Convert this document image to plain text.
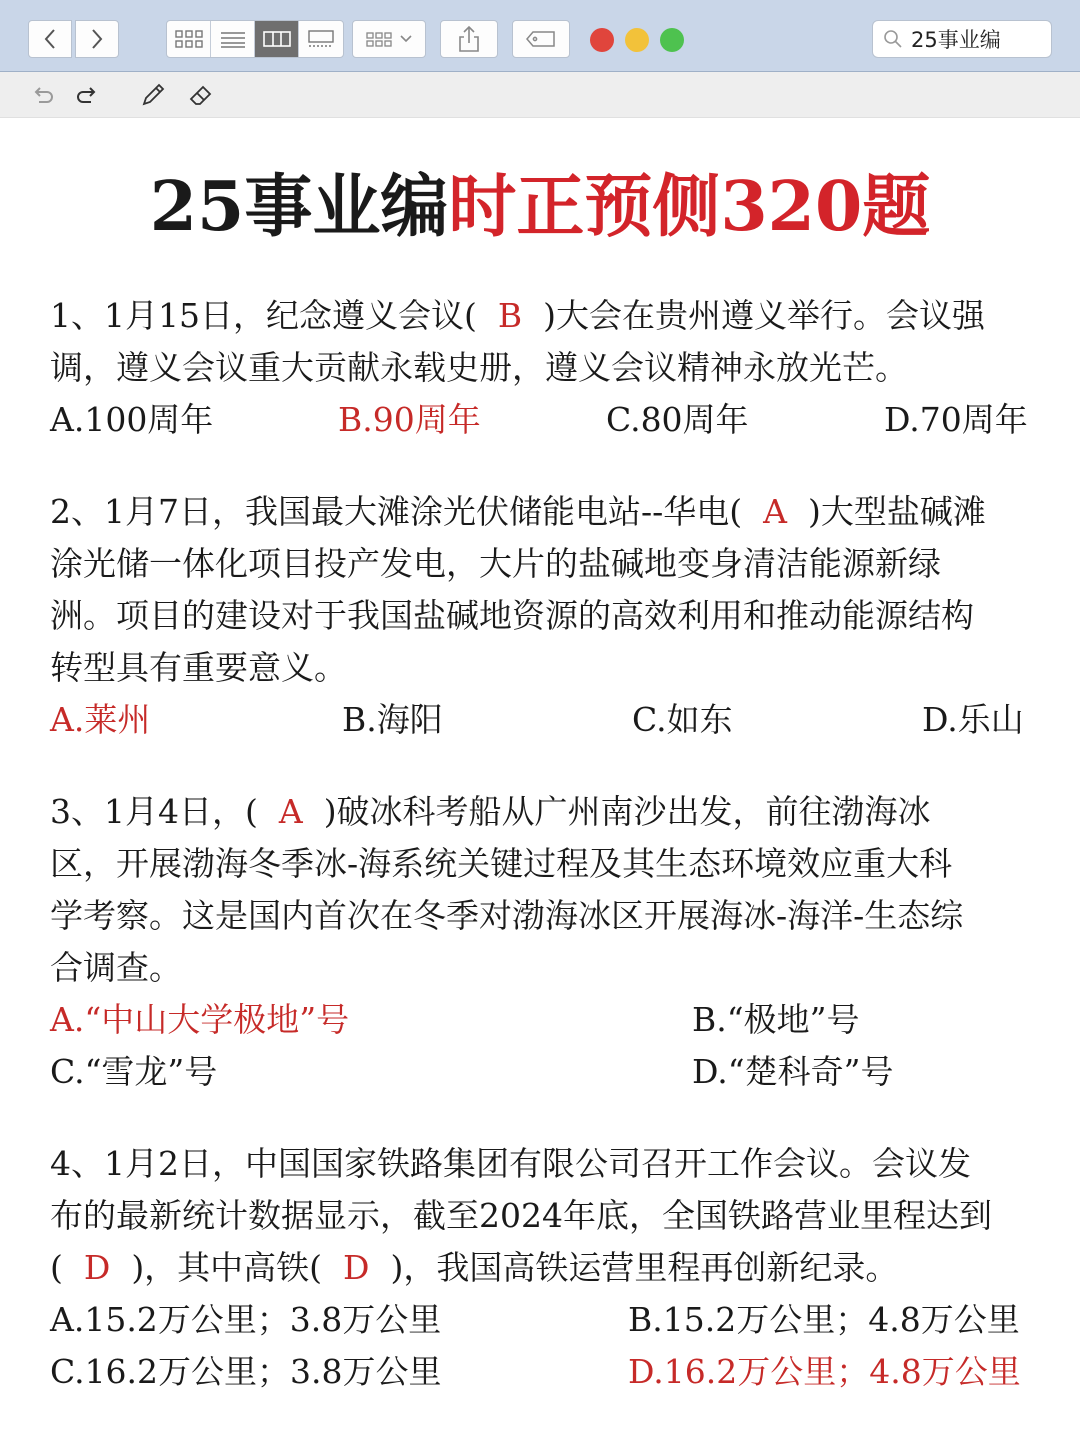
25事业编
25事业编时正预侧320题

1、1月15日，纪念遵义会议( B )大会在贵州遵义举行。会议强

调，遵义会议重大贡献永载史册，遵义会议精神永放光芒。

A.100周年	B.90周年	C.80周年	D.70周年

2、1月7日，我国最大滩涂光伏储能电站--华电( A )大型盐碱滩

涂光储一体化项目投产发电，大片的盐碱地变身清洁能源新绿

洲。项目的建设对于我国盐碱地资源的高效利用和推动能源结构

转型具有重要意义。

A.莱州	B.海阳	C.如东	D.乐山

3、1月4日，( A )破冰科考船从广州南沙出发，前往渤海冰

区，开展渤海冬季冰-海系统关键过程及其生态环境效应重大科

学考察。这是国内首次在冬季对渤海冰区开展海冰-海洋-生态综

合调查。

A.“中山大学极地”号	B.“极地”号
C.“雪龙”号	D.“楚科奇”号

4、1月2日，中国国家铁路集团有限公司召开工作会议。会议发

布的最新统计数据显示，截至2024年底，全国铁路营业里程达到

( D )，其中高铁( D )，我国高铁运营里程再创新纪录。

A.15.2万公里；3.8万公里	B.15.2万公里；4.8万公里
C.16.2万公里；3.8万公里	D.16.2万公里；4.8万公里
